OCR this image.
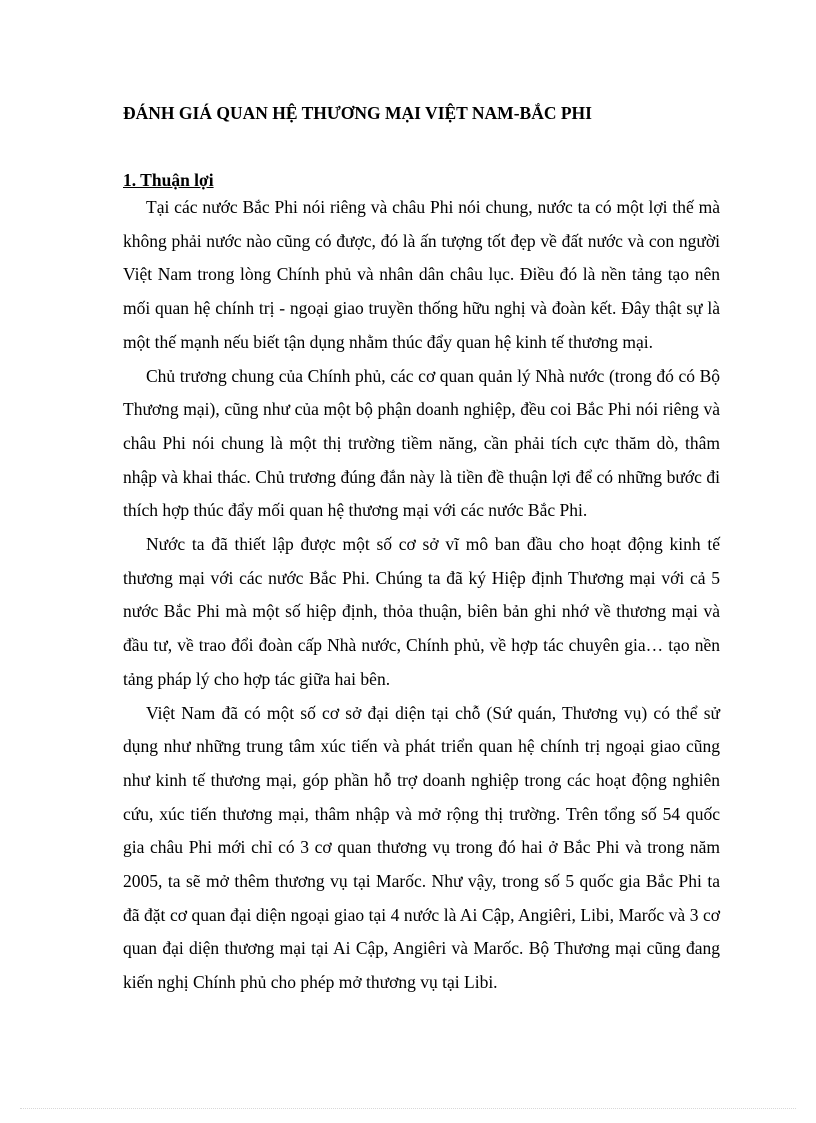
ĐÁNH GIÁ QUAN HỆ THƯƠNG MẠI VIỆT NAM-BẮC PHI
1. Thuận lợi

Tại các nước Bắc Phi nói riêng và châu Phi nói chung, nước ta có một lợi thế mà không phải nước nào cũng có được, đó là ấn tượng tốt đẹp về đất nước và con người Việt Nam trong lòng Chính phủ và nhân dân châu lục. Điều đó là nền tảng tạo nên mối quan hệ chính trị - ngoại giao truyền thống hữu nghị và đoàn kết. Đây thật sự là một thế mạnh nếu biết tận dụng nhằm thúc đẩy quan hệ kinh tế thương mại.

Chủ trương chung của Chính phủ, các cơ quan quản lý Nhà nước (trong đó có Bộ Thương mại), cũng như của một bộ phận doanh nghiệp, đều coi Bắc Phi nói riêng và châu Phi nói chung là một thị trường tiềm năng, cần phải tích cực thăm dò, thâm nhập và khai thác. Chủ trương đúng đắn này là tiền đề thuận lợi để có những bước đi thích hợp thúc đẩy mối quan hệ thương mại với các nước Bắc Phi.

Nước ta đã thiết lập được một số cơ sở vĩ mô ban đầu cho hoạt động kinh tế thương mại với các nước Bắc Phi. Chúng ta đã ký Hiệp định Thương mại với cả 5 nước Bắc Phi mà một số hiệp định, thỏa thuận, biên bản ghi nhớ về thương mại và đầu tư, về trao đổi đoàn cấp Nhà nước, Chính phủ, về hợp tác chuyên gia… tạo nền tảng pháp lý cho hợp tác giữa hai bên.

Việt Nam đã có một số cơ sở đại diện tại chỗ (Sứ quán, Thương vụ) có thể sử dụng như những trung tâm xúc tiến và phát triển quan hệ chính trị ngoại giao cũng như kinh tế thương mại, góp phần hỗ trợ doanh nghiệp trong các hoạt động nghiên cứu, xúc tiến thương mại, thâm nhập và mở rộng thị trường. Trên tổng số 54 quốc gia châu Phi mới chỉ có 3 cơ quan thương vụ trong đó hai ở Bắc Phi và trong năm 2005, ta sẽ mở thêm thương vụ tại Marốc. Như vậy, trong số 5 quốc gia Bắc Phi ta đã đặt cơ quan đại diện ngoại giao tại 4 nước là Ai Cập, Angiêri, Libi, Marốc và 3 cơ quan đại diện thương mại tại Ai Cập, Angiêri và Marốc. Bộ Thương mại cũng đang kiến nghị Chính phủ cho phép mở thương vụ tại Libi.
